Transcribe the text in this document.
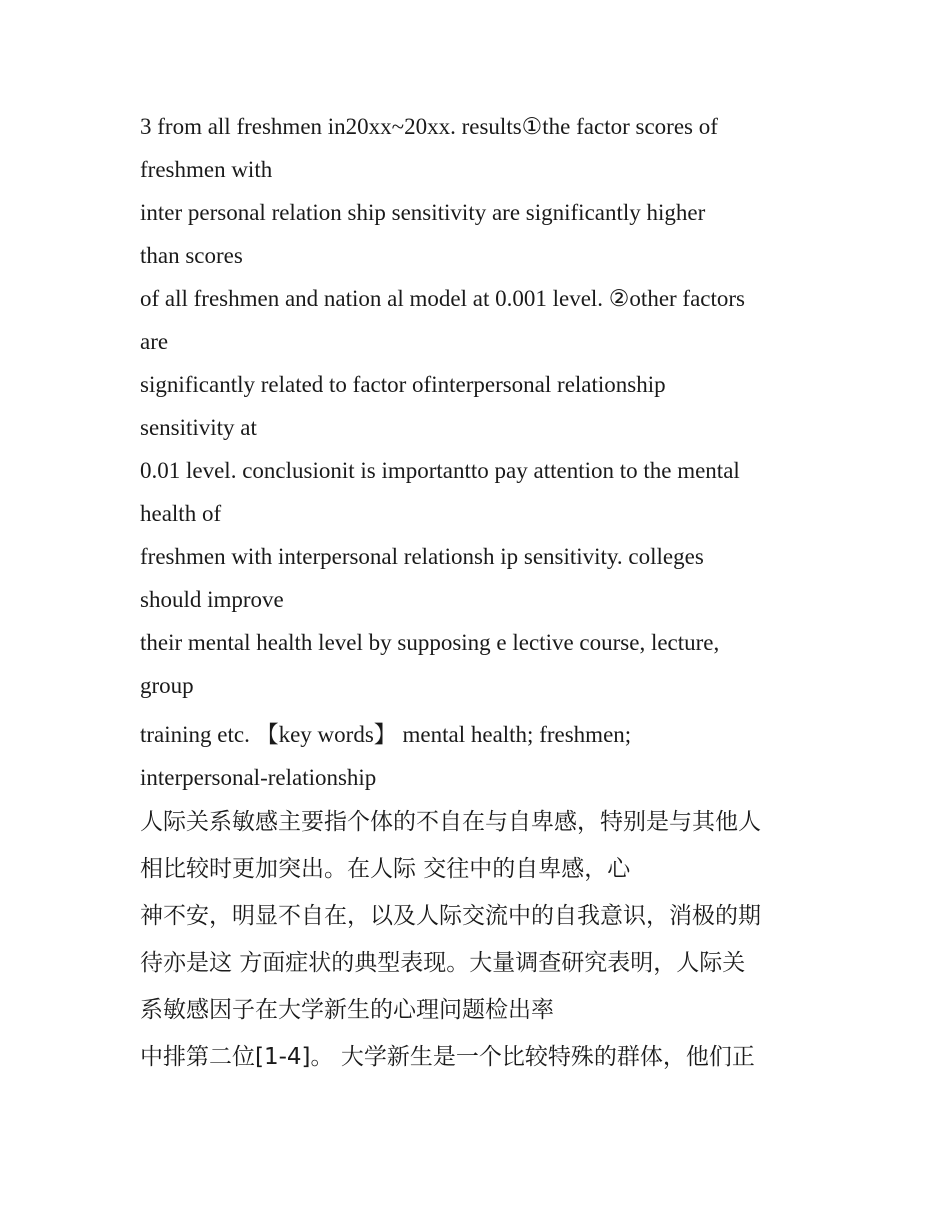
3 from all freshmen in20xx~20xx. results①the factor scores of
freshmen with
inter personal relation ship sensitivity are significantly higher
than scores
of all freshmen and nation al model at 0.001 level. ②other factors
are
significantly related to factor ofinterpersonal relationship
sensitivity at
0.01 level. conclusionit is importantto pay attention to the mental
health of
freshmen with interpersonal relationsh ip sensitivity. colleges
should improve
their mental health level by supposing e lective course, lecture,
group
training etc. 【key words】 mental health; freshmen;
interpersonal-relationship
人际关系敏感主要指个体的不自在与自卑感，特别是与其他人
相比较时更加突出。在人际 交往中的自卑感，心
神不安，明显不自在，以及人际交流中的自我意识，消极的期
待亦是这 方面症状的典型表现。大量调查研究表明，人际关
系敏感因子在大学新生的心理问题检出率
中排第二位[1-4]。 大学新生是一个比较特殊的群体，他们正
